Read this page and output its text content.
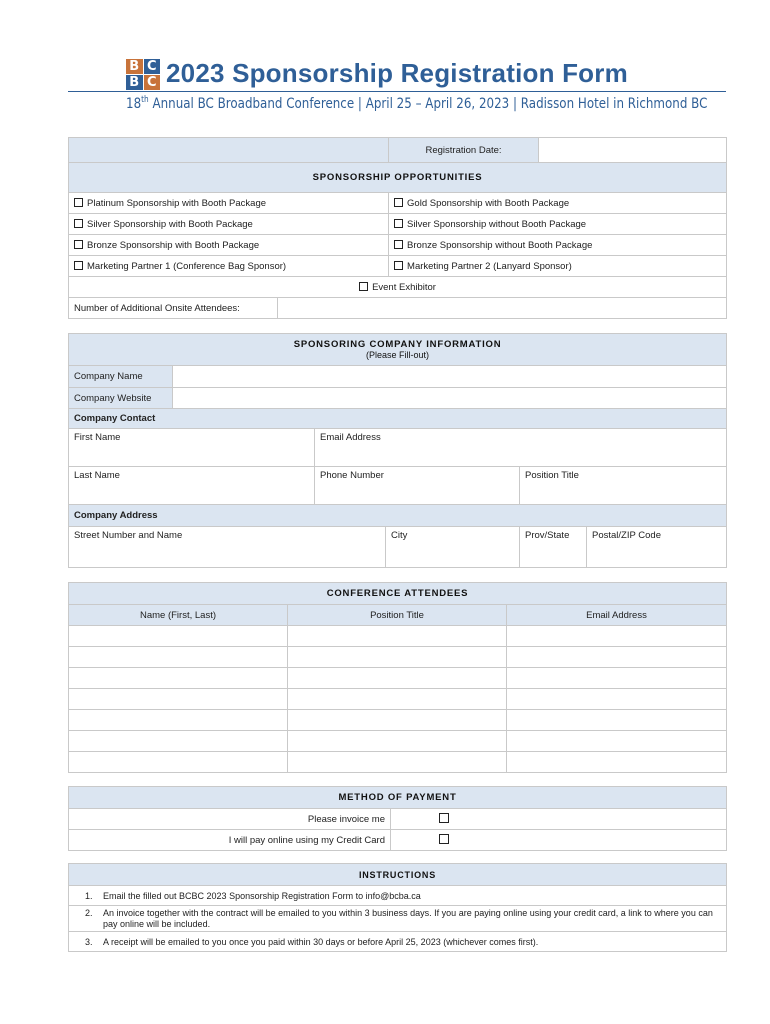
B C
B C 2023 Sponsorship Registration Form
18th Annual BC Broadband Conference | April 25 – April 26, 2023 | Radisson Hotel in Richmond BC
		Registration Date:	
SPONSORSHIP OPPORTUNITIES			
Platinum Sponsorship with Booth Package		Gold Sponsorship with Booth Package	
Silver Sponsorship with Booth Package		Silver Sponsorship without Booth Package	
Bronze Sponsorship with Booth Package		Bronze Sponsorship without Booth Package	
Marketing Partner 1 (Conference Bag Sponsor)		Marketing Partner 2 (Lanyard Sponsor)	
Event Exhibitor			
Number of Additional Onsite Attendees:			
SPONSORING COMPANY INFORMATION
(Please Fill-out)					

Company Name					
Company Website					
Company Contact					
First Name		Email Address			
Last Name		Phone Number		Position Title	
Company Address					
Street Number and Name			City	Prov/State	Postal/ZIP Code
CONFERENCE ATTENDEES		
Name (First, Last)	Position Title	Email Address

METHOD OF PAYMENT	
Please invoice me	
I will pay online using my Credit Card	
INSTRUCTIONS
1. Email the filled out BCBC 2023 Sponsorship Registration Form to info@bcba.ca

2.	An invoice together with the contract will be emailed to you within 3 business days. If you are paying online using your credit card, a link to where you can pay online will be included.

3. A receipt will be emailed to you once you paid within 30 days or before April 25, 2023 (whichever comes first).
